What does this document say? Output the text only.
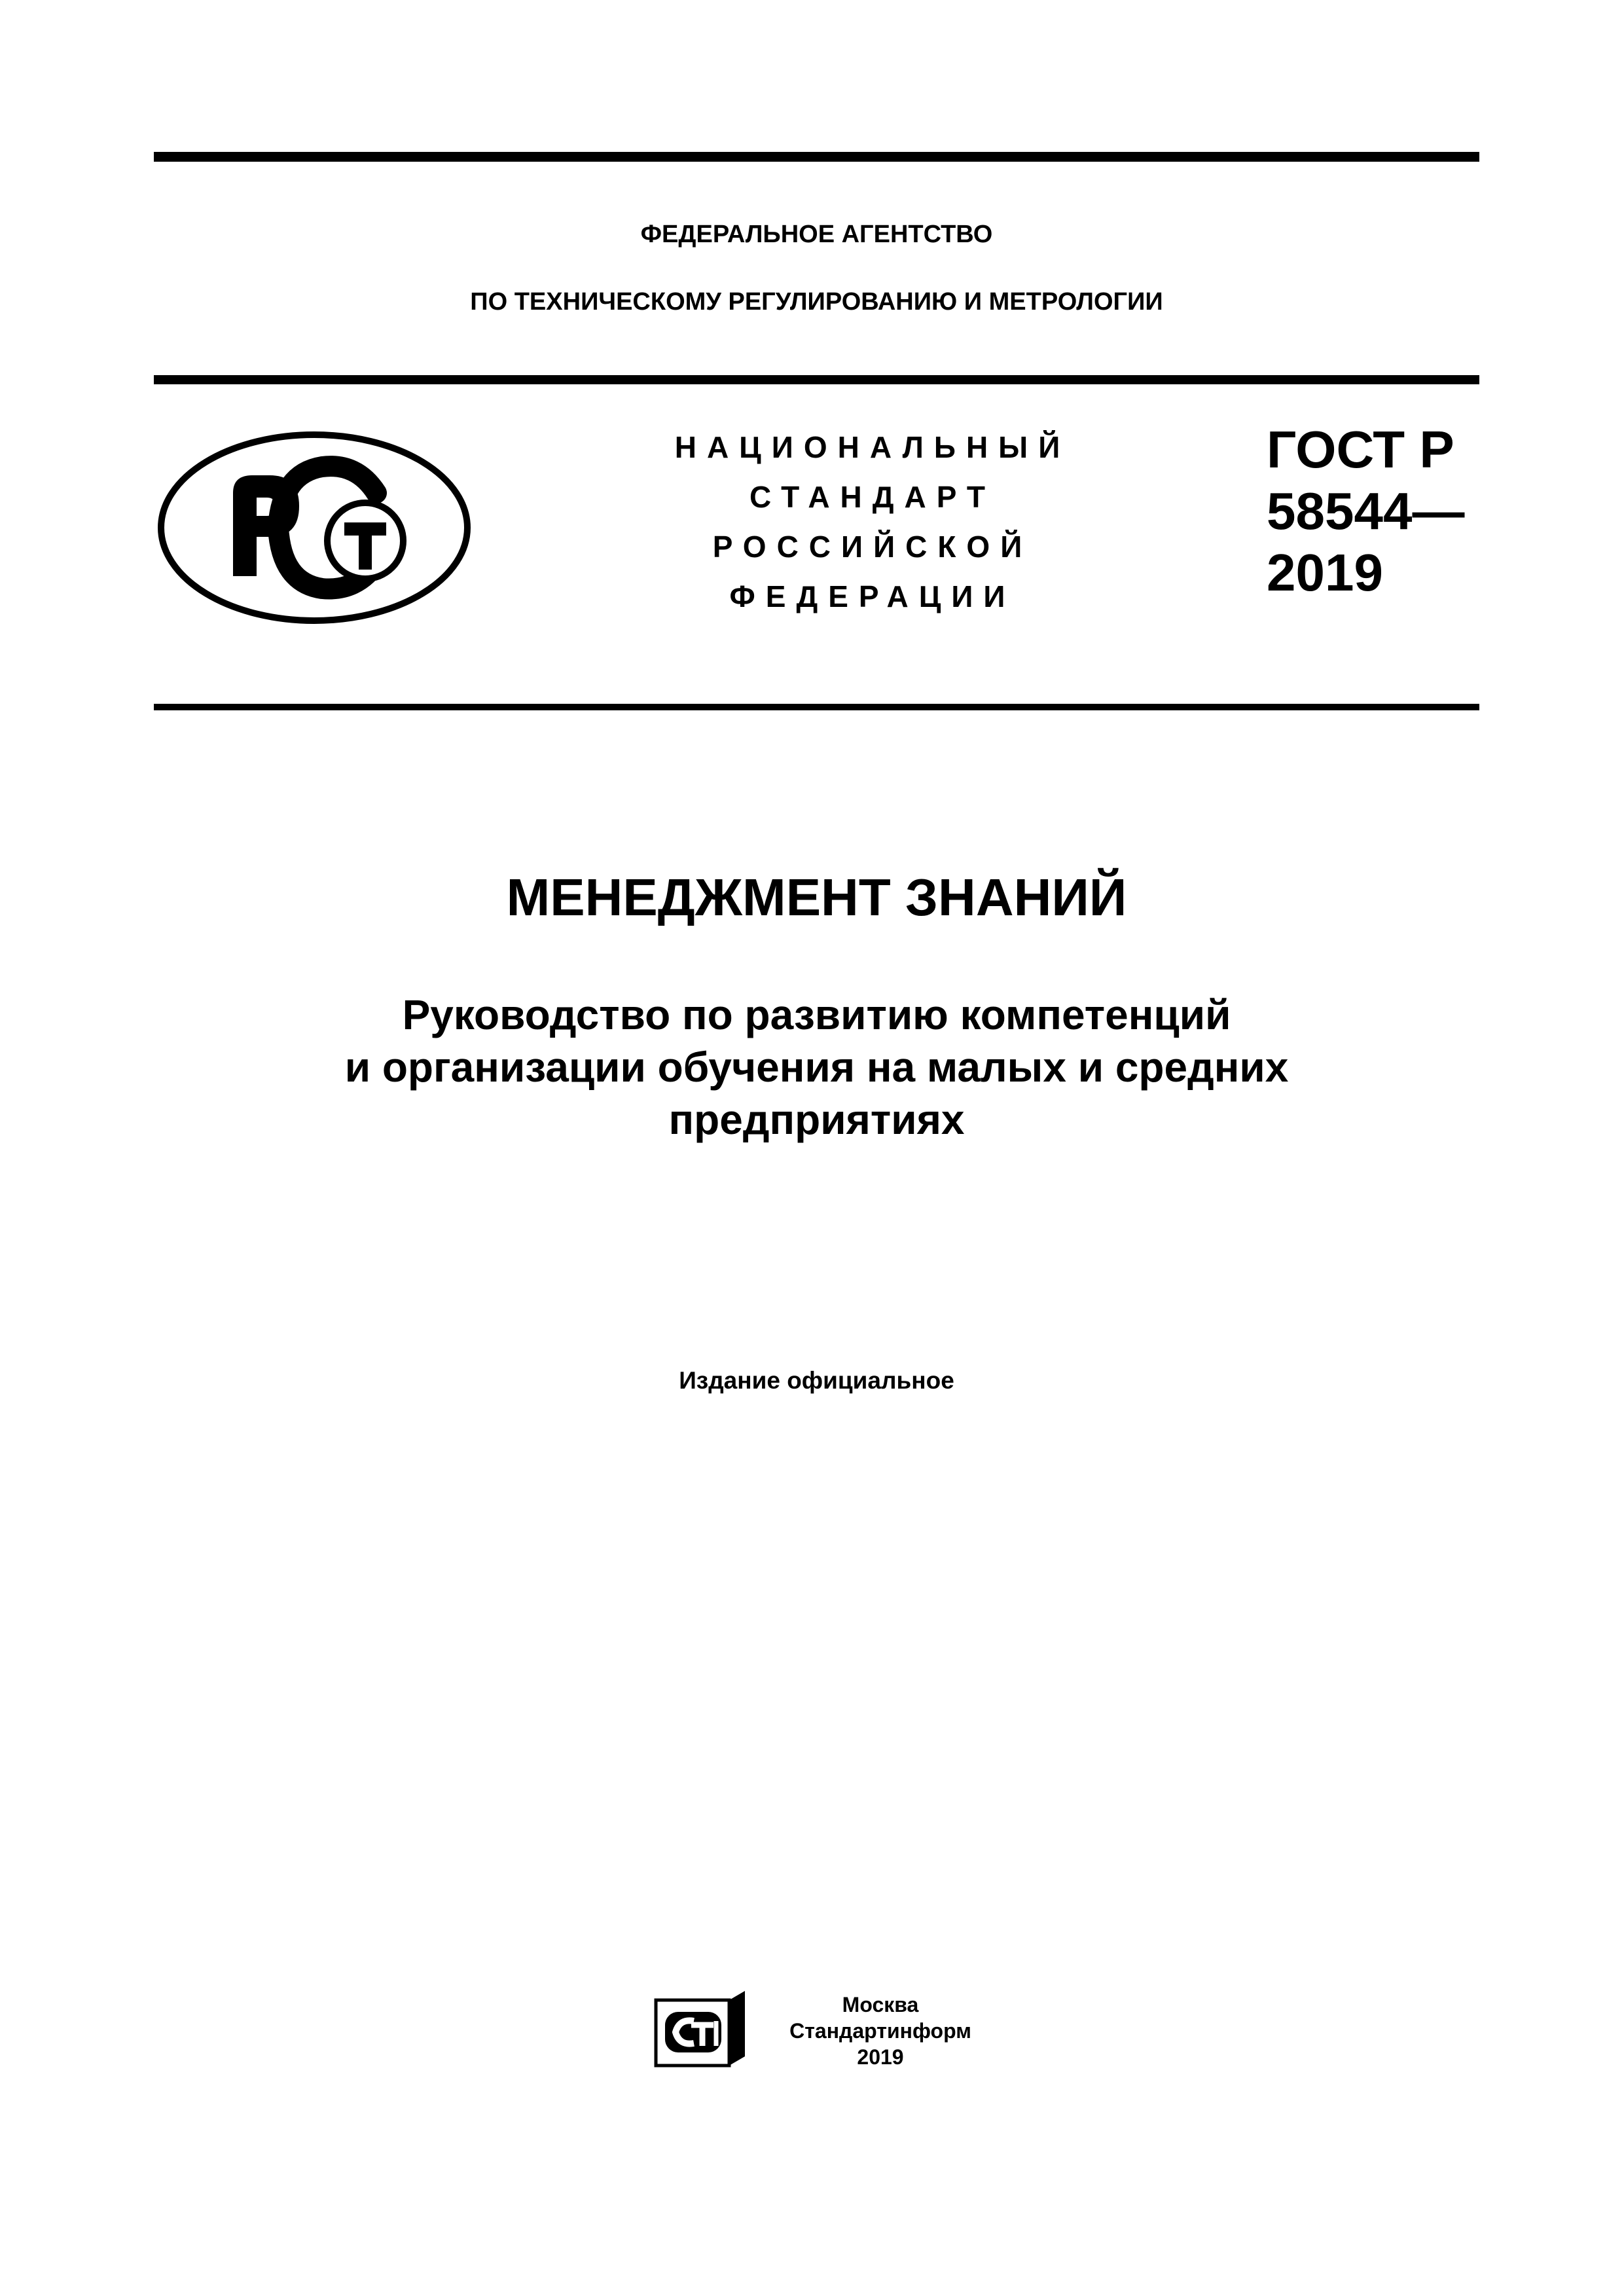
ФЕДЕРАЛЬНОЕ АГЕНТСТВО
ПО ТЕХНИЧЕСКОМУ РЕГУЛИРОВАНИЮ И МЕТРОЛОГИИ
НАЦИОНАЛЬНЫЙ
СТАНДАРТ
РОССИЙСКОЙ
ФЕДЕРАЦИИ
ГОСТ Р
58544—
2019
МЕНЕДЖМЕНТ ЗНАНИЙ
Руководство по развитию компетенций
и организации обучения на малых и средних
предприятиях
Издание официальное
Москва
Стандартинформ
2019
